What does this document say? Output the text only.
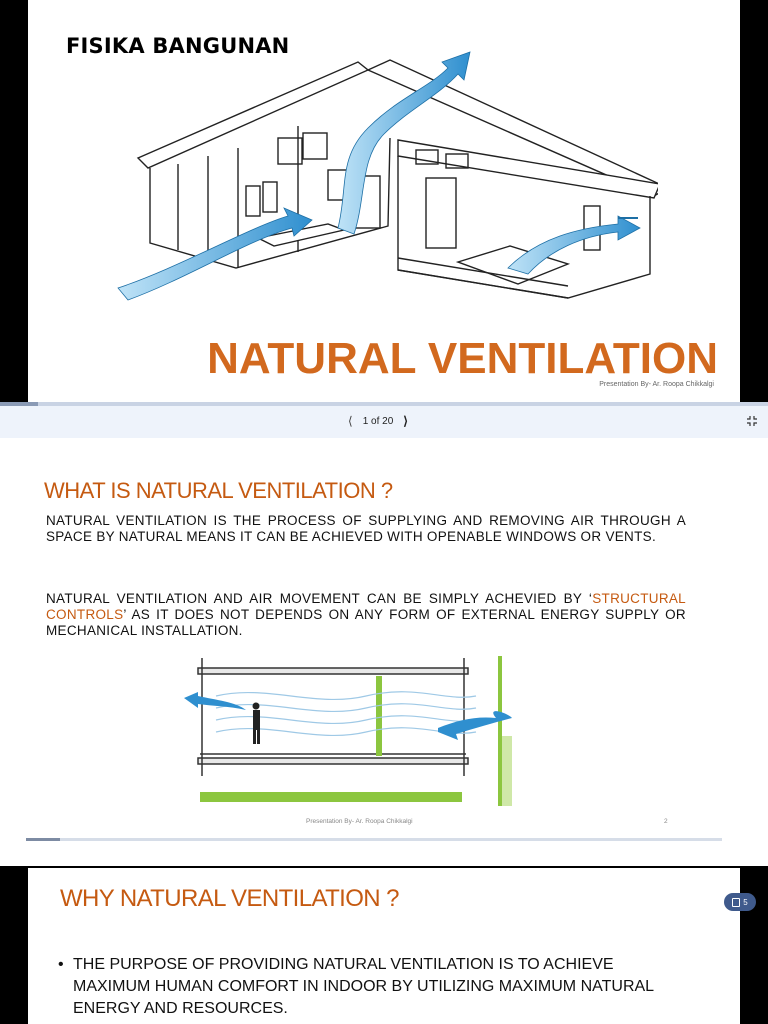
FISIKA BANGUNAN
NATURAL VENTILATION
Presentation By- Ar. Roopa Chikkalgi
⟨ 1 of 20 ⟩
WHAT IS NATURAL VENTILATION ?
NATURAL VENTILATION IS THE PROCESS OF SUPPLYING AND REMOVING AIR THROUGH A SPACE BY NATURAL MEANS IT CAN BE ACHIEVED WITH OPENABLE WINDOWS OR VENTS.
NATURAL VENTILATION AND AIR MOVEMENT CAN BE SIMPLY ACHEVIED BY ‘STRUCTURAL CONTROLS’ AS IT DOES NOT DEPENDS ON ANY FORM OF EXTERNAL ENERGY SUPPLY OR MECHANICAL INSTALLATION.
Presentation By- Ar. Roopa Chikkalgi	2
WHY NATURAL VENTILATION ?
• THE PURPOSE OF PROVIDING NATURAL VENTILATION IS TO ACHIEVE MAXIMUM HUMAN COMFORT IN INDOOR BY UTILIZING MAXIMUM NATURAL ENERGY AND RESOURCES.
5
